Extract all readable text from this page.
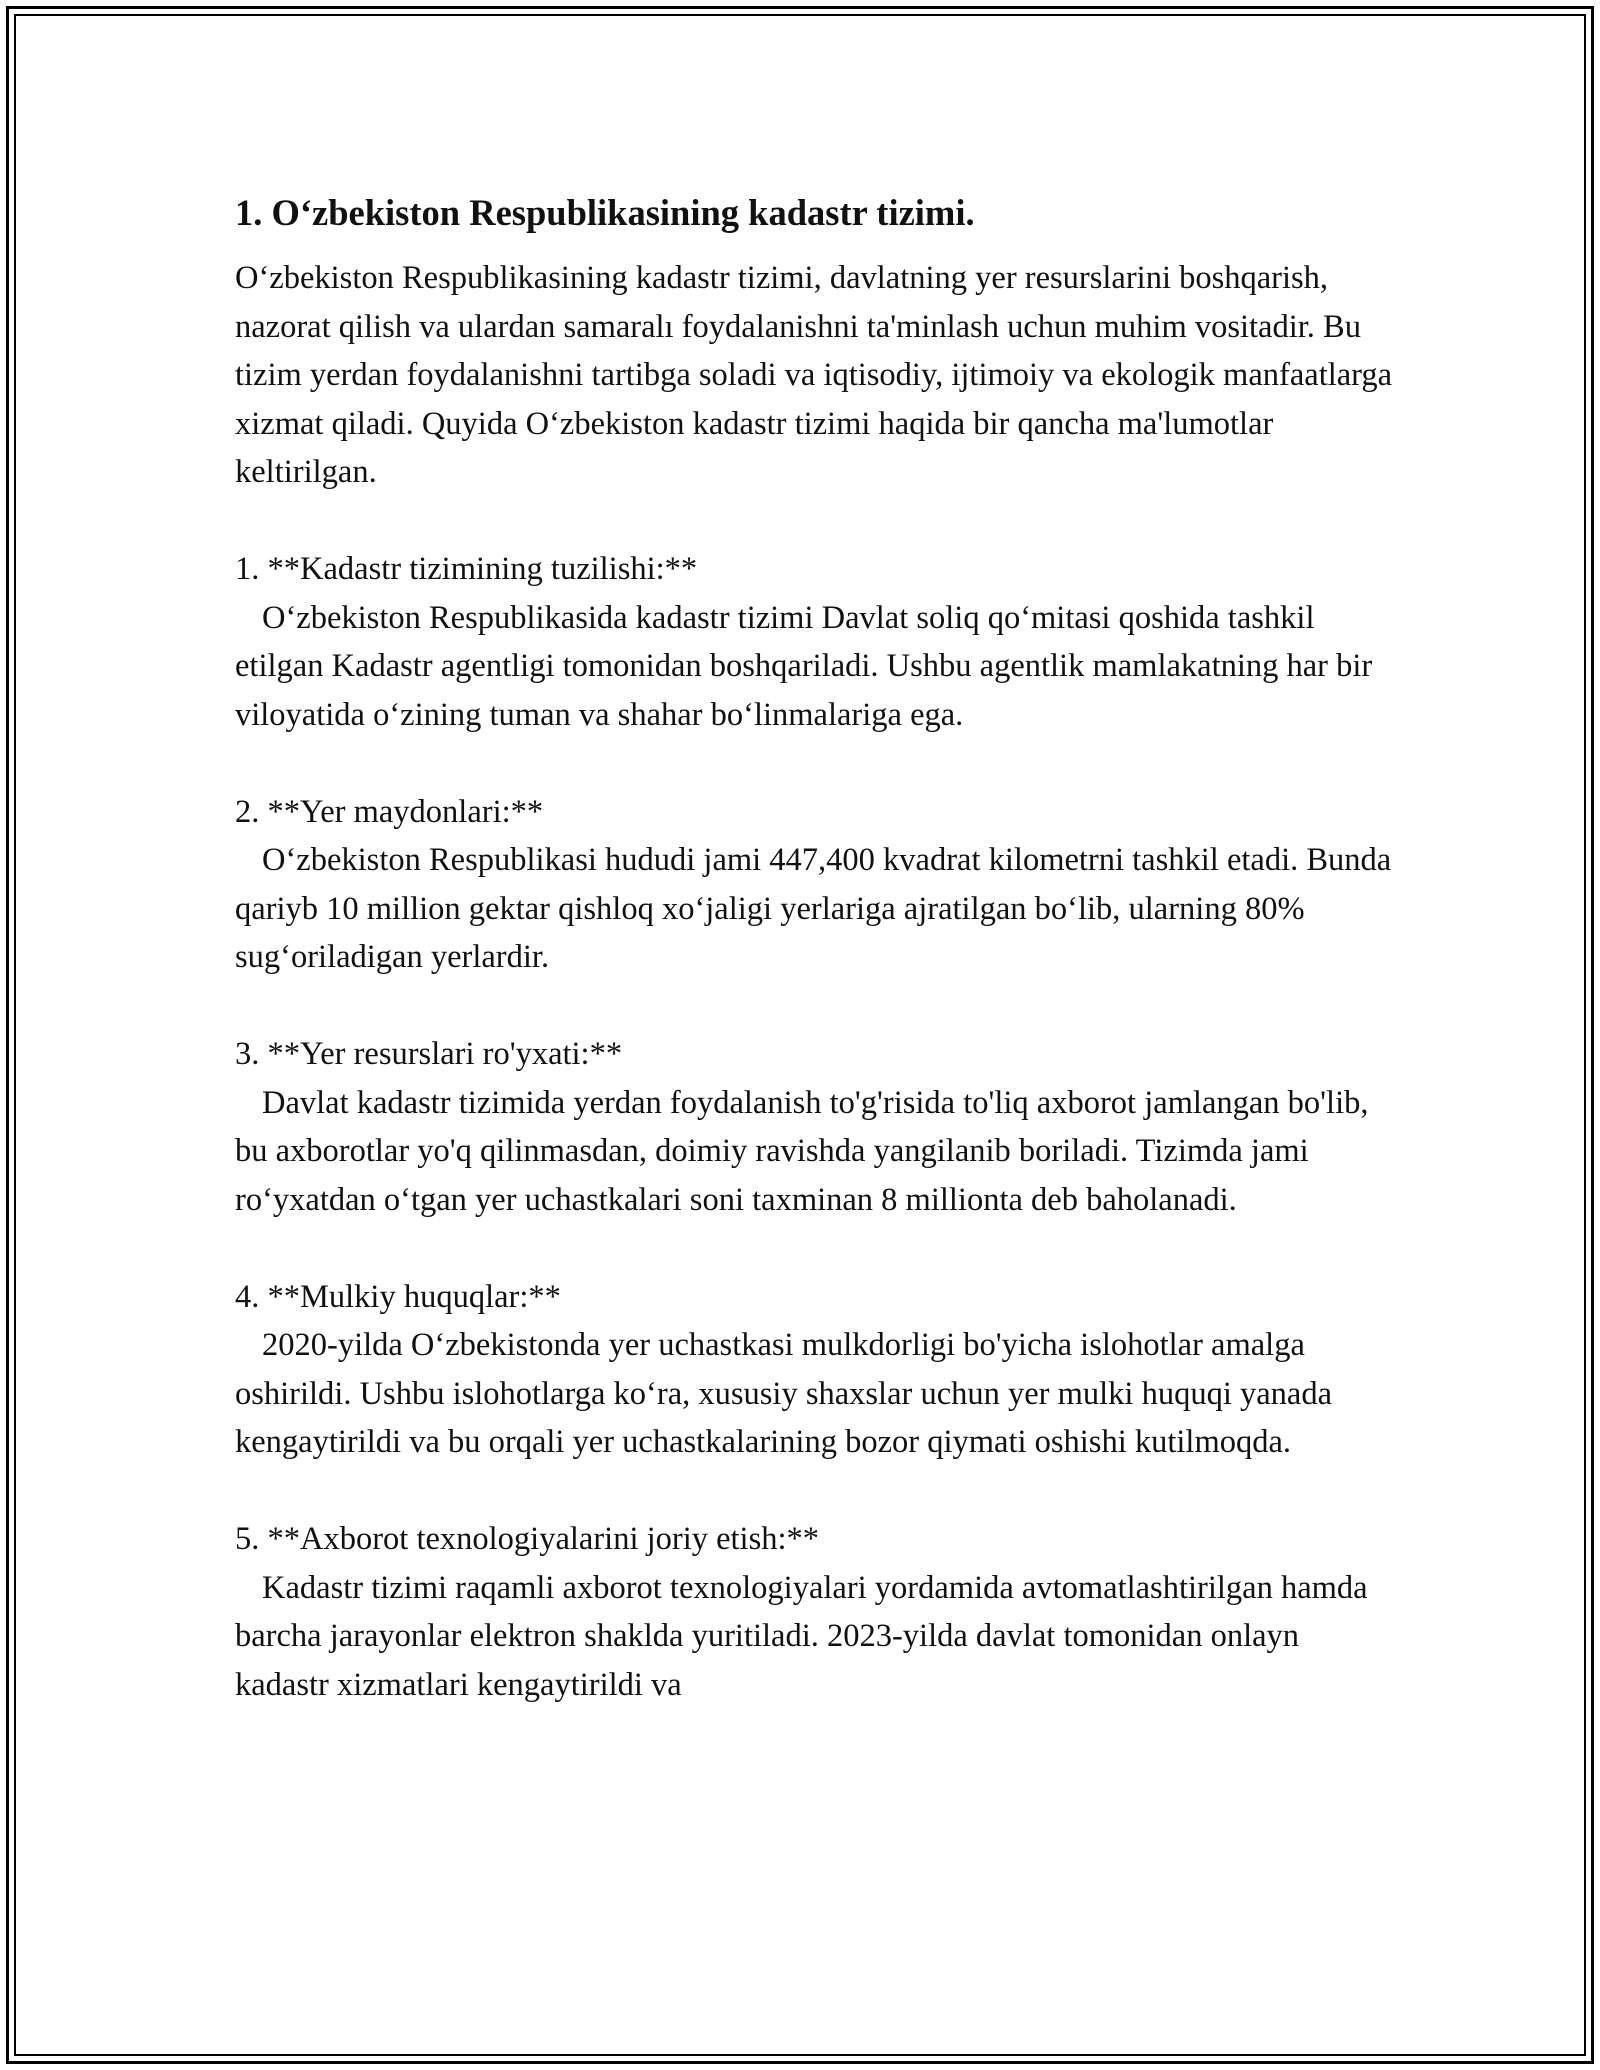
1. O‘zbekiston Respublikasining kadastr tizimi.

O‘zbekiston Respublikasining kadastr tizimi, davlatning yer resurslarini boshqarish, nazorat qilish va ulardan samaralı foydalanishni ta'minlash uchun muhim vositadir. Bu tizim yerdan foydalanishni tartibga soladi va iqtisodiy, ijtimoiy va ekologik manfaatlarga xizmat qiladi. Quyida O‘zbekiston kadastr tizimi haqida bir qancha ma'lumotlar keltirilgan.

1. **Kadastr tizimining tuzilishi:**
O‘zbekiston Respublikasida kadastr tizimi Davlat soliq qo‘mitasi qoshida tashkil etilgan Kadastr agentligi tomonidan boshqariladi. Ushbu agentlik mamlakatning har bir viloyatida o‘zining tuman va shahar bo‘linmalariga ega.
2. **Yer maydonlari:**
O‘zbekiston Respublikasi hududi jami 447,400 kvadrat kilometrni tashkil etadi. Bunda qariyb 10 million gektar qishloq xo‘jaligi yerlariga ajratilgan bo‘lib, ularning 80% sug‘oriladigan yerlardir.
3. **Yer resurslari ro'yxati:**
Davlat kadastr tizimida yerdan foydalanish to'g'risida to'liq axborot jamlangan bo'lib, bu axborotlar yo'q qilinmasdan, doimiy ravishda yangilanib boriladi. Tizimda jami ro‘yxatdan o‘tgan yer uchastkalari soni taxminan 8 millionta deb baholanadi.
4. **Mulkiy huquqlar:**
2020-yilda O‘zbekistonda yer uchastkasi mulkdorligi bo'yicha islohotlar amalga oshirildi. Ushbu islohotlarga ko‘ra, xususiy shaxslar uchun yer mulki huquqi yanada kengaytirildi va bu orqali yer uchastkalarining bozor qiymati oshishi kutilmoqda.
5. **Axborot texnologiyalarini joriy etish:**
Kadastr tizimi raqamli axborot texnologiyalari yordamida avtomatlashtirilgan hamda barcha jarayonlar elektron shaklda yuritiladi. 2023-yilda davlat tomonidan onlayn kadastr xizmatlari kengaytirildi va
